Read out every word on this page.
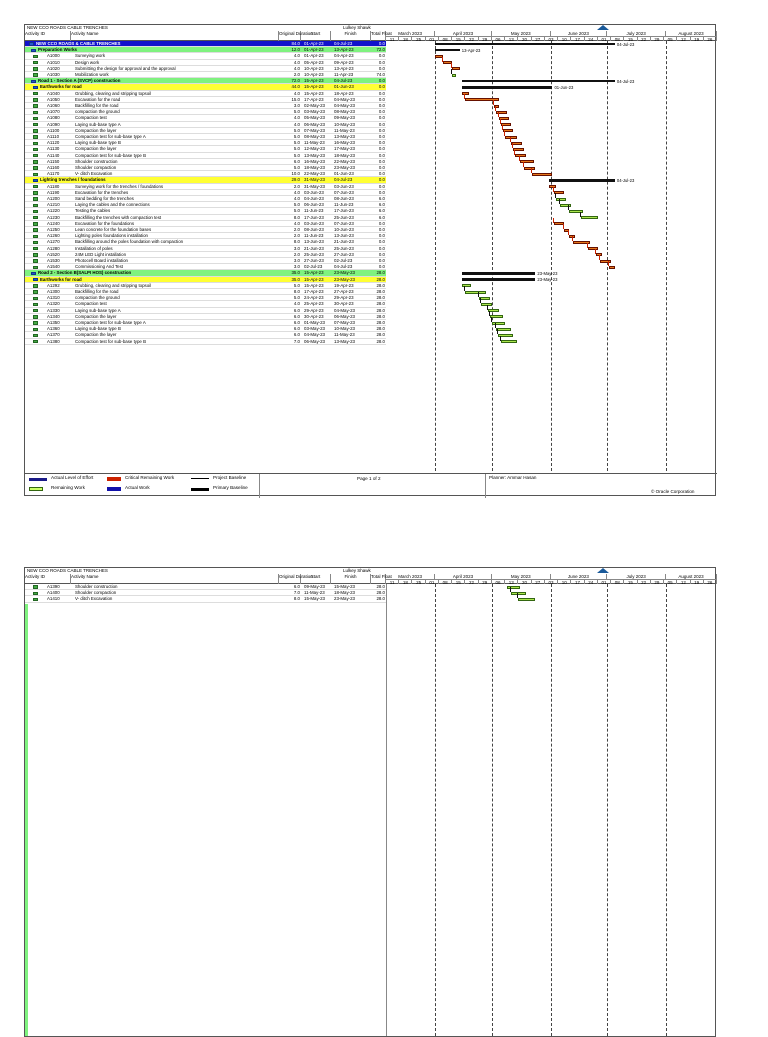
NEW CCO ROADS CABLE TRENCHES	Lulkey Shawk
Activity ID	Activity Name	Original Duration
Start	Finish	Total Float	March 2023	April 2023	May 2023	June 2023	July 2023	August 2023
11	18	25	01	08	15	22	29	06	13	20	27	03	10	17	24	01	08	15	22	29	05	12	19	26
NEW CCO ROADS & CABLE TRENCHES	84.0 01-Apr-23	04-Jul-23	0.0
Preparation Works	12.0 01-Apr-23	13-Apr-23	72.0
A1000	Surveying work	4.0 01-Apr-23	04-Apr-23	0.0
A1010	Design work	4.0 05-Apr-23	09-Apr-23	0.0
A1020	Submitting the design for approval and the approval	4.0 10-Apr-23	13-Apr-23	0.0
A1030	Mobilization work	2.0 10-Apr-23	11-Apr-23	74.0
Road 1 - Section A (SVCP) construction	72.0 15-Apr-23	04-Jul-23	0.0
Earthworks for road	44.0 15-Apr-23	01-Jun-23	0.0
A1040	Grubbing, clearing and stripping topsoil	4.0 15-Apr-23	18-Apr-23	0.0
A1050	Excavation for the road	15.0 17-Apr-23	04-May-23	0.0
A1060	Backfilling for the road	3.0 02-May-23	04-May-23	0.0
A1070	compaction the ground	5.0 03-May-23	08-May-23	0.0
A1080	Compaction test	4.0 05-May-23	09-May-23	0.0
A1090	Laying sub-base type A	4.0 06-May-23	10-May-23	0.0
A1100	Compaction the layer	5.0 07-May-23	11-May-23	0.0
A1110	Compaction test for sub-base type A	5.0 08-May-23	13-May-23	0.0
A1120	Laying sub-base type B	5.0 11-May-23	16-May-23	0.0
A1130	Compaction the layer	5.0 12-May-23	17-May-23	0.0
A1140	Compaction test for sub-base type B	5.0 13-May-23	18-May-23	0.0
A1150	Shoulder construction	6.0 16-May-23	22-May-23	0.0
A1160	Shoulder compaction	5.0 18-May-23	23-May-23	0.0
A1170	V- ditch Excavation	10.0 22-May-23	01-Jun-23	0.0
Lighting trenches / foundations	29.0 31-May-23	04-Jul-23	0.0
A1180	Surveying work for the trenches / foundations	2.0 31-May-23	03-Jun-23	0.0
A1190	Excavation for the trenches	4.0 03-Jun-23	07-Jun-23	0.0
A1200	Sand bedding for the trenches	4.0 04-Jun-23	08-Jun-23	6.0
A1210	Laying the cables and the connections	5.0 06-Jun-23	11-Jun-23	6.0
A1220	Testing the cables	5.0 11-Jun-23	17-Jun-23	6.0
A1230	Backfilling the trenches with compaction test	8.0 17-Jun-23	25-Jun-23	6.0
A1240	Excavation for the foundations	4.0 03-Jun-23	07-Jun-23	0.0
A1250	Lean concrete for the foundation bases	2.0 08-Jun-23	10-Jun-23	0.0
A1260	Lighting poles foundations installation	2.0 11-Jun-23	13-Jun-23	0.0
A1270	Backfilling around the poles foundation with compaction	8.0 13-Jun-23	21-Jun-23	0.0
A1280	Installation of poles	3.0 21-Jun-23	25-Jun-23	0.0
A1520	24M LED Light installation	2.0 25-Jun-23	27-Jun-23	0.0
A1530	Photocell Board installation	3.0 27-Jun-23	02-Jul-23	0.0
A1540	Commissioning And Test	3.0 02-Jul-23	04-Jul-23	0.0
Road 2 - Section B(SALPI HOS) construction	35.0 15-Apr-23	23-May-23	28.0
Earthworks for road	35.0 15-Apr-23	23-May-23	28.0
A1292	Grubbing, clearing and stripping topsoil	5.0 15-Apr-23	19-Apr-23	28.0
A1300	Backfilling for the road	8.0 17-Apr-23	27-Apr-23	28.0
A1310	compaction the ground	5.0 24-Apr-23	29-Apr-23	28.0
A1320	Compaction test	4.0 25-Apr-23	30-Apr-23	28.0
A1330	Laying sub-base type A	6.0 29-Apr-23	04-May-23	28.0
A1340	Compaction the layer	6.0 30-Apr-23	06-May-23	28.0
A1350	Compaction test for sub-base type A	6.0 01-May-23	07-May-23	28.0
A1360	Laying sub-base type B	6.0 03-May-23	10-May-23	28.0
A1370	Compaction the layer	6.0 04-May-23	11-May-23	28.0
A1380	Compaction test for sub-base type B	7.0 06-May-23	13-May-23	28.0
04-Jul-23
13-Apr-23
04-Jul-23
01-Jun-23
04-Jul-23
23-May-23
23-May-23
Actual Level of Effort
Remaining Work
Critical Remaining Work
Actual Work
Project Baseline
Primary Baseline
Page 1 of 2	Planner: Ammar Hasan
© Oracle Corporation
NEW CCO ROADS CABLE TRENCHES	Lulkey Shawk
Activity ID	Activity Name	Original Duration
Start	Finish	Total Float	March 2023	April 2023	May 2023	June 2023	July 2023	August 2023
11	18	25	01	08	15	22	29	06	13	20	27	03	10	17	24	01	08	15	22	29	05	12	19	26
A1390	Shoulder construction	6.0 09-May-23	15-May-23	28.0
A1400	Shoulder compaction	7.0 11-May-23	18-May-23	28.0
A1410	V- ditch Excavation	8.0 15-May-23	23-May-23	28.0
